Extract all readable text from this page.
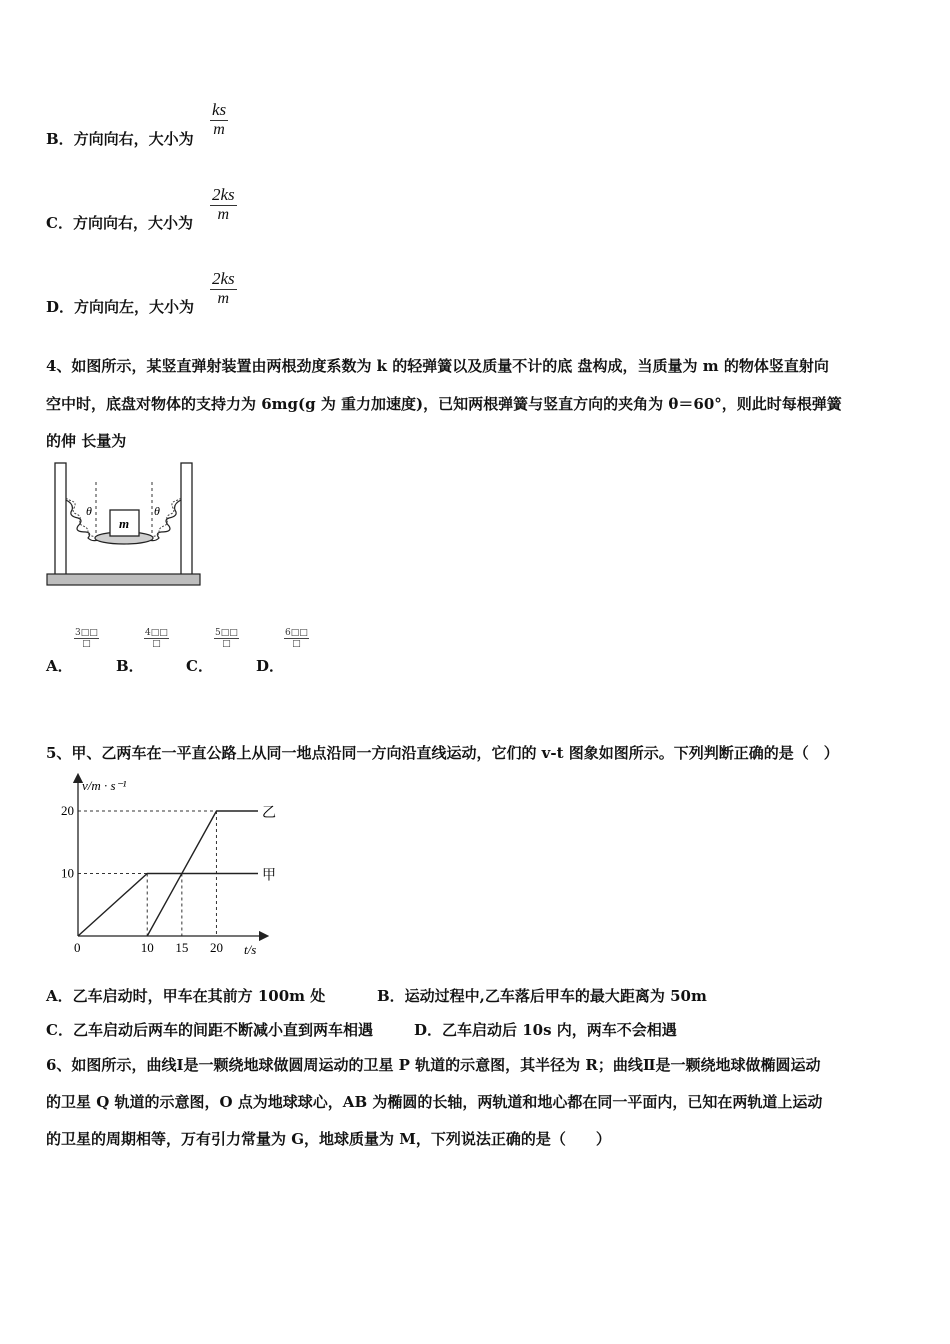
B．方向向右，大小为 $\frac{ks}{m}$
C．方向向右，大小为 $\frac{2ks}{m}$
D．方向向左，大小为 $\frac{2ks}{m}$
4、如图所示，某竖直弹射装置由两根劲度系数为 k 的轻弹簧以及质量不计的底 盘构成，当质量为 m 的物体竖直射向
空中时，底盘对物体的支持力为 6mg(g 为 重力加速度)，已知两根弹簧与竖直方向的夹角为 θ＝60°，则此时每根弹簧
的伸 长量为
m
θ	θ
A．
3□□
□
B．
4□□
□
C．
5□□
□
D．
6□□
□
5、甲、乙两车在一平直公路上从同一地点沿同一方向沿直线运动，它们的 v-t 图象如图所示。下列判断正确的是（　）
v/m · s⁻¹
t/s
0
10
20
10 15 20
乙
甲
A．乙车启动时，甲车在其前方 100m 处	B．运动过程中,乙车落后甲车的最大距离为 50m
C．乙车启动后两车的间距不断减小直到两车相遇	D．乙车启动后 10s 内，两车不会相遇
6、如图所示，曲线Ⅰ是一颗绕地球做圆周运动的卫星 P 轨道的示意图，其半径为 R；曲线Ⅱ是一颗绕地球做椭圆运动
的卫星 Q 轨道的示意图，O 点为地球球心，AB 为椭圆的长轴，两轨道和地心都在同一平面内，已知在两轨道上运动
的卫星的周期相等，万有引力常量为 G，地球质量为 M，下列说法正确的是（　　）
